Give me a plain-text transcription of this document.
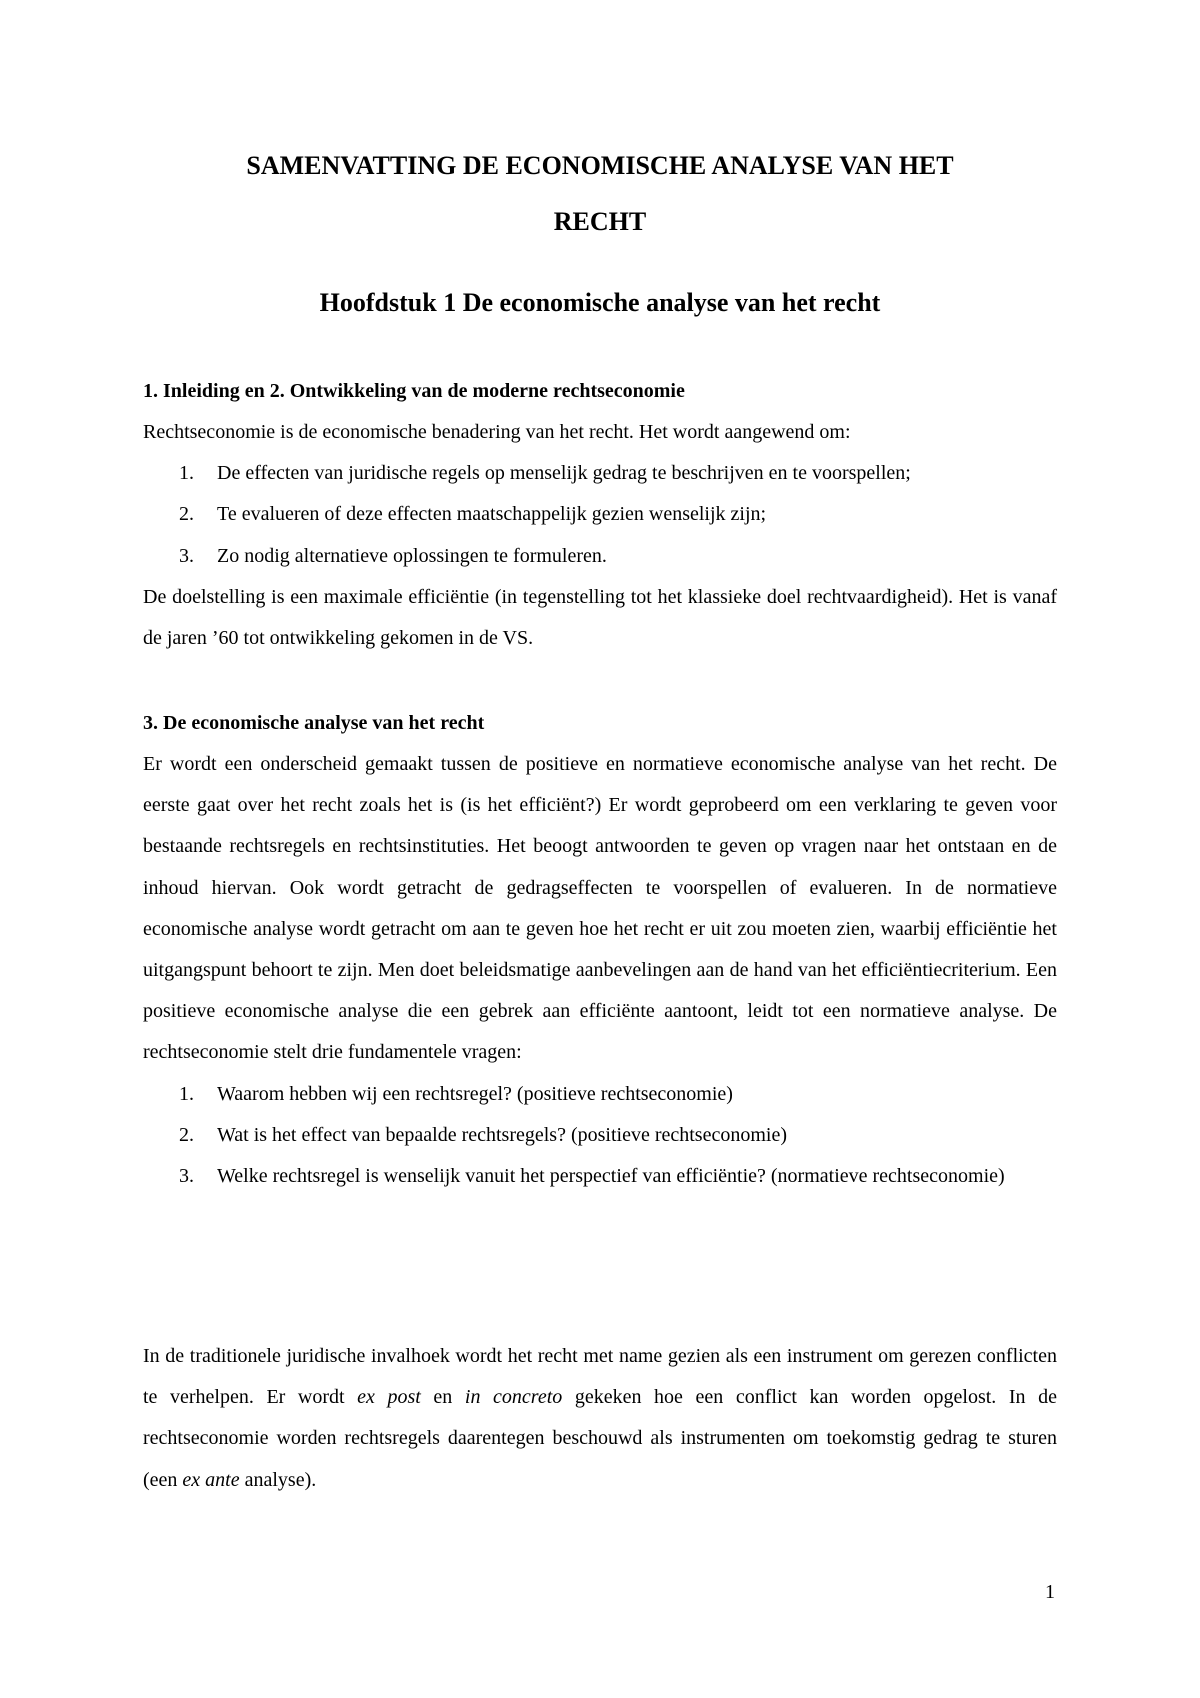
SAMENVATTING DE ECONOMISCHE ANALYSE VAN HET
RECHT
Hoofdstuk 1 De economische analyse van het recht
1. Inleiding en 2. Ontwikkeling van de moderne rechtseconomie
Rechtseconomie is de economische benadering van het recht. Het wordt aangewend om:
1. De effecten van juridische regels op menselijk gedrag te beschrijven en te voorspellen;
2. Te evalueren of deze effecten maatschappelijk gezien wenselijk zijn;
3. Zo nodig alternatieve oplossingen te formuleren.
De doelstelling is een maximale efficiëntie (in tegenstelling tot het klassieke doel rechtvaardigheid). Het is vanaf de jaren ’60 tot ontwikkeling gekomen in de VS.
3. De economische analyse van het recht
Er wordt een onderscheid gemaakt tussen de positieve en normatieve economische analyse van het recht. De eerste gaat over het recht zoals het is (is het efficiënt?) Er wordt geprobeerd om een verklaring te geven voor bestaande rechtsregels en rechtsinstituties. Het beoogt antwoorden te geven op vragen naar het ontstaan en de inhoud hiervan. Ook wordt getracht de gedragseffecten te voorspellen of evalueren. In de normatieve economische analyse wordt getracht om aan te geven hoe het recht er uit zou moeten zien, waarbij efficiëntie het uitgangspunt behoort te zijn. Men doet beleidsmatige aanbevelingen aan de hand van het efficiëntiecriterium. Een positieve economische analyse die een gebrek aan efficiënte aantoont, leidt tot een normatieve analyse. De rechtseconomie stelt drie fundamentele vragen:
1. Waarom hebben wij een rechtsregel? (positieve rechtseconomie)
2. Wat is het effect van bepaalde rechtsregels? (positieve rechtseconomie)
3. Welke rechtsregel is wenselijk vanuit het perspectief van efficiëntie? (normatieve rechtseconomie)
In de traditionele juridische invalhoek wordt het recht met name gezien als een instrument om gerezen conflicten te verhelpen. Er wordt ex post en in concreto gekeken hoe een conflict kan worden opgelost. In de rechtseconomie worden rechtsregels daarentegen beschouwd als instrumenten om toekomstig gedrag te sturen (een ex ante analyse).
1
